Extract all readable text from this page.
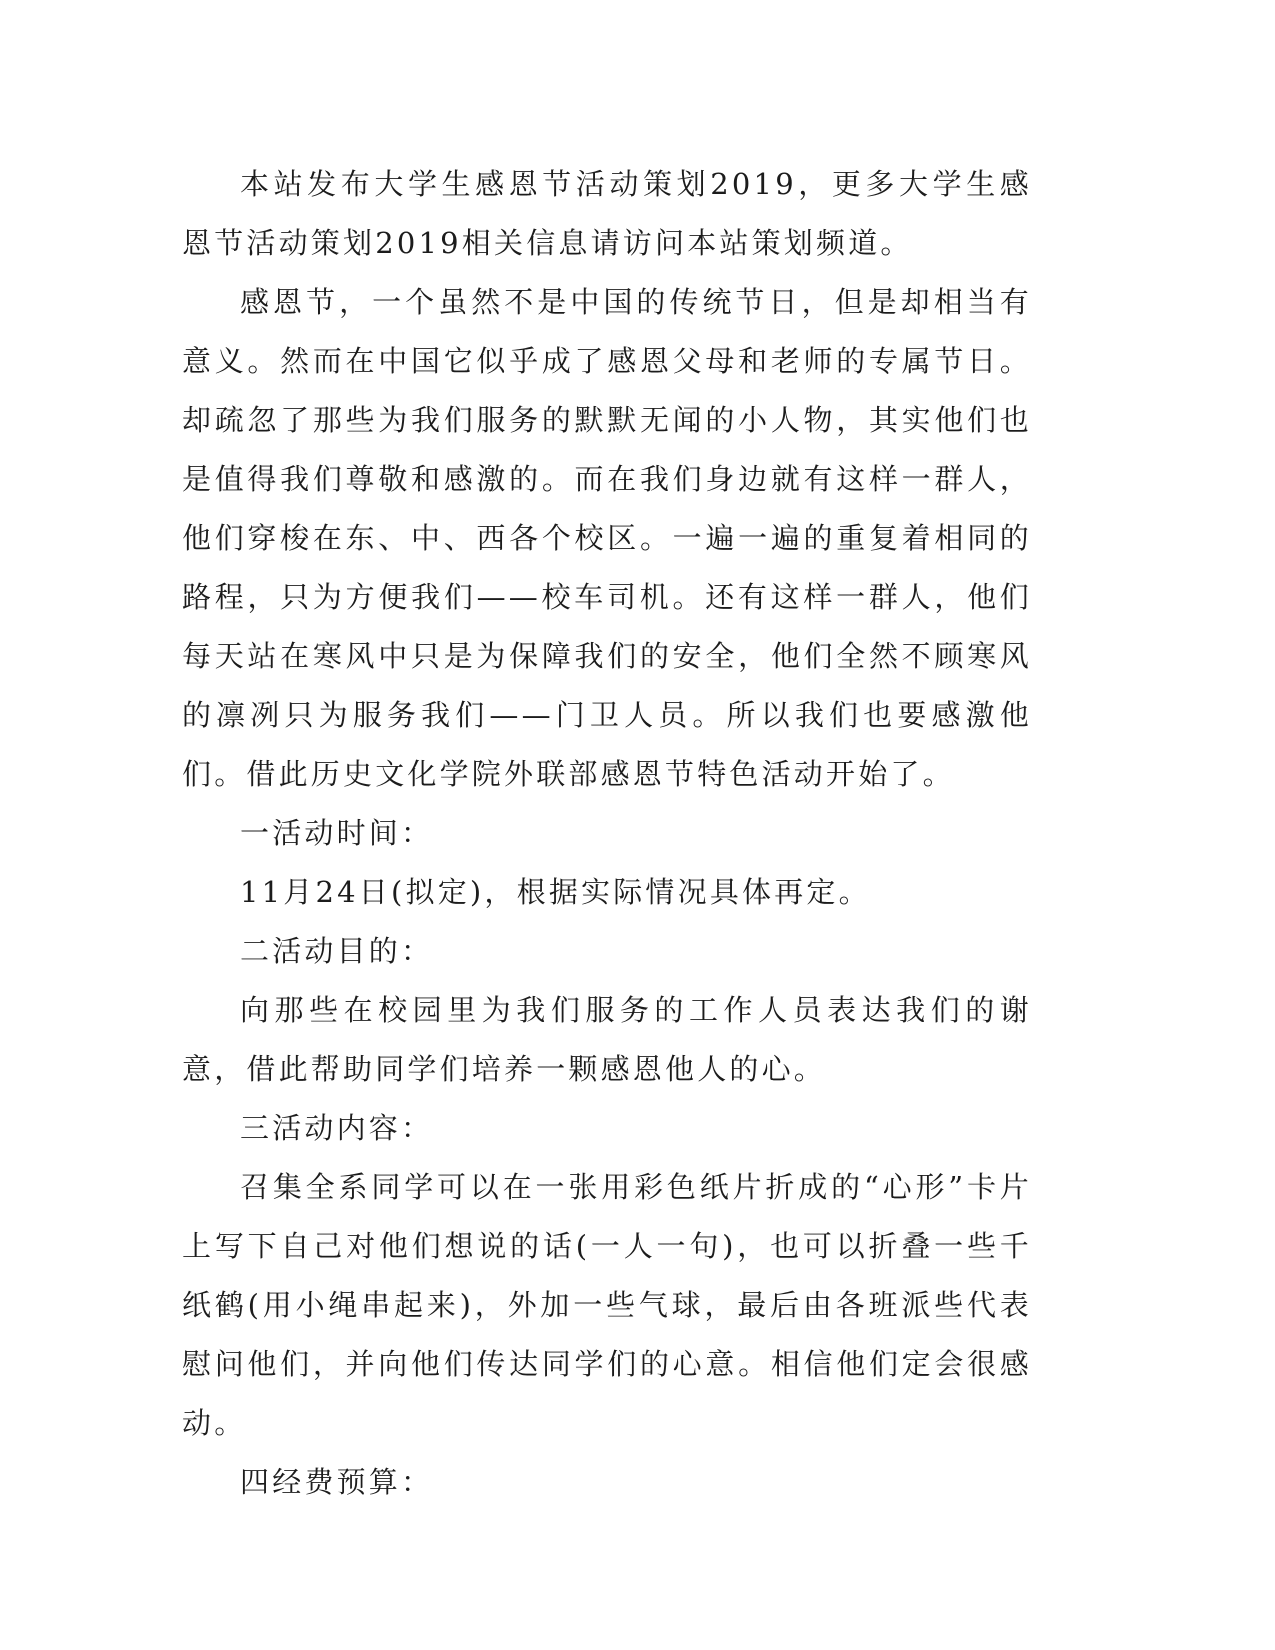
本站发布大学生感恩节活动策划2019，更多大学生感恩节活动策划2019相关信息请访问本站策划频道。

感恩节，一个虽然不是中国的传统节日，但是却相当有意义。然而在中国它似乎成了感恩父母和老师的专属节日。却疏忽了那些为我们服务的默默无闻的小人物，其实他们也是值得我们尊敬和感激的。而在我们身边就有这样一群人，他们穿梭在东、中、西各个校区。一遍一遍的重复着相同的路程，只为方便我们——校车司机。还有这样一群人，他们每天站在寒风中只是为保障我们的安全，他们全然不顾寒风的凛冽只为服务我们——门卫人员。所以我们也要感激他们。借此历史文化学院外联部感恩节特色活动开始了。

一活动时间：

11月24日(拟定)，根据实际情况具体再定。

二活动目的：

向那些在校园里为我们服务的工作人员表达我们的谢意，借此帮助同学们培养一颗感恩他人的心。

三活动内容：

召集全系同学可以在一张用彩色纸片折成的“心形”卡片上写下自己对他们想说的话(一人一句)，也可以折叠一些千纸鹤(用小绳串起来)，外加一些气球，最后由各班派些代表慰问他们，并向他们传达同学们的心意。相信他们定会很感动。

四经费预算：
